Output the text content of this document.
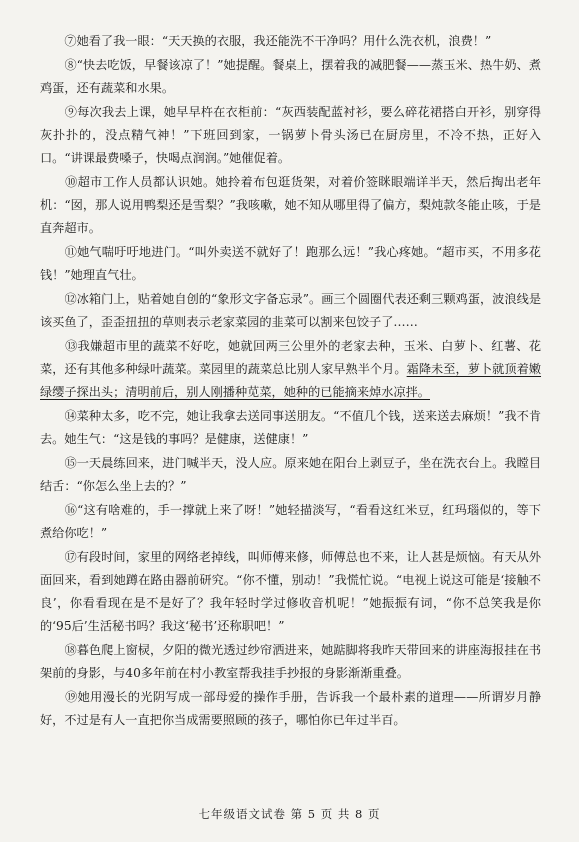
　　⑦她看了我一眼：“天天换的衣服，我还能洗不干净吗？用什么洗衣机，浪费！”

　　⑧“快去吃饭，早餐该凉了！”她提醒。餐桌上，摆着我的减肥餐——蒸玉米、热牛奶、煮鸡蛋，还有蔬菜和水果。

　　⑨每次我去上课，她早早杵在衣柜前：“灰西装配蓝衬衫，要么碎花裙搭白开衫，别穿得灰扑扑的，没点精气神！”下班回到家，一锅萝卜骨头汤已在厨房里，不冷不热，正好入口。“讲课最费嗓子，快喝点润润。”她催促着。

　　⑩超市工作人员都认识她。她拎着布包逛货架，对着价签眯眼端详半天，然后掏出老年机：“囡，那人说用鸭梨还是雪梨？”我咳嗽，她不知从哪里得了偏方，梨炖款冬能止咳，于是直奔超市。

　　⑪她气喘吁吁地进门。“叫外卖送不就好了！跑那么远！”我心疼她。“超市买，不用多花钱！”她理直气壮。

　　⑫冰箱门上，贴着她自创的“象形文字备忘录”。画三个圆圈代表还剩三颗鸡蛋，波浪线是该买鱼了，歪歪扭扭的草则表示老家菜园的韭菜可以割来包饺子了……

　　⑬我嫌超市里的蔬菜不好吃，她就回两三公里外的老家去种，玉米、白萝卜、红薯、花菜，还有其他多种绿叶蔬菜。菜园里的蔬菜总比别人家早熟半个月。霜降未至，萝卜就顶着嫩绿缨子探出头；清明前后，别人刚播种苋菜，她种的已能摘来焯水凉拌。

　　⑭菜种太多，吃不完，她让我拿去送同事送朋友。“不值几个钱，送来送去麻烦！”我不肯去。她生气：“这是钱的事吗？是健康，送健康！”

　　⑮一天晨练回来，进门喊半天，没人应。原来她在阳台上剥豆子，坐在洗衣台上。我瞠目结舌：“你怎么坐上去的？”

　　⑯“这有啥难的，手一撑就上来了呀！”她轻描淡写，“看看这红米豆，红玛瑙似的，等下煮给你吃！”

　　⑰有段时间，家里的网络老掉线，叫师傅来修，师傅总也不来，让人甚是烦恼。有天从外面回来，看到她蹲在路由器前研究。“你不懂，别动！”我慌忙说。“电视上说这可能是‘接触不良’，你看看现在是不是好了？我年轻时学过修收音机呢！”她振振有词，“你不总笑我是你的‘95后’生活秘书吗？我这‘秘书’还称职吧！”

　　⑱暮色爬上窗棂，夕阳的微光透过纱帘洒进来，她踮脚将我昨天带回来的讲座海报挂在书架前的身影，与40多年前在村小教室帮我挂手抄报的身影渐渐重叠。

　　⑲她用漫长的光阴写成一部母爱的操作手册，告诉我一个最朴素的道理——所谓岁月静好，不过是有人一直把你当成需要照顾的孩子，哪怕你已年过半百。

七年级语文试卷 第 5 页 共 8 页
